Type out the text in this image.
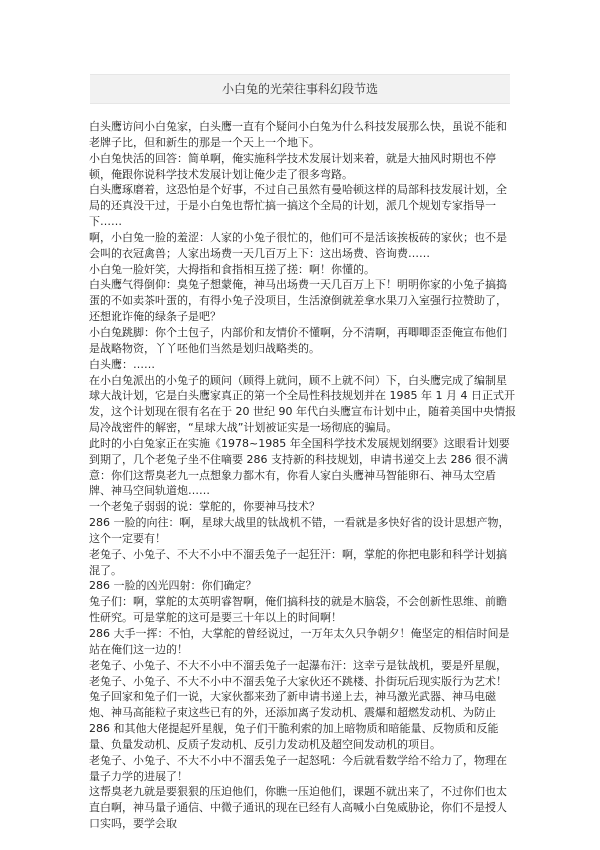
小白兔的光荣往事科幻段节选

白头鹰访问小白兔家，白头鹰一直有个疑问小白兔为什么科技发展那么快，虽说不能和老牌子比，但和新生的那是一个天上一个地下。

小白兔快活的回答：简单啊，俺实施科学技术发展计划来着，就是大抽风时期也不停顿，俺跟你说科学技术发展计划让俺少走了很多弯路。

白头鹰琢磨着，这恐怕是个好事，不过自己虽然有曼哈顿这样的局部科技发展计划，全局的还真没干过，于是小白兔也帮忙搞一搞这个全局的计划，派几个规划专家指导一下……

啊，小白兔一脸的羞涩：人家的小兔子很忙的，他们可不是活该挨板砖的家伙；也不是会叫的衣冠禽兽；人家出场费一天几百万上下：这出场费、咨询费……

小白兔一脸奸笑，大拇指和食指相互搓了搓：啊！你懂的。

白头鹰气得倒仰：臭兔子想蒙俺，神马出场费一天几百万上下！明明你家的小兔子搞捣蛋的不如卖茶叶蛋的，有得小兔子没项目，生活潦倒就差拿水果刀入室强行拉赞助了，还想讹诈俺的绿条子是吧？

小白兔跳脚：你个土包子，内部价和友情价不懂啊，分不清啊，再唧唧歪歪俺宣布他们是战略物资，丫丫呸他们当然是划归战略类的。

白头鹰：……

在小白兔派出的小兔子的顾问（顾得上就问，顾不上就不问）下，白头鹰完成了编制星球大战计划，它是白头鹰家真正的第一个全局性科技规划并在 1985 年 1 月 4 日正式开发，这个计划现在很有名在于 20 世纪 90 年代白头鹰宣布计划中止，随着美国中央情报局冷战密件的解密，“星球大战”计划被证实是一场彻底的骗局。

此时的小白兔家正在实施《1978~1985 年全国科学技术发展规划纲要》这眼看计划要到期了，几个老兔子坐不住嘀要 286 支持新的科技规划，申请书递交上去 286 很不满意：你们这帮臭老九一点想象力都木有，你看人家白头鹰神马智能卵石、神马太空盾牌、神马空间轨道炮……

一个老兔子弱弱的说：掌舵的，你要神马技术？

286 一脸的向往：啊，星球大战里的钛战机不错，一看就是多快好省的设计思想产物，这个一定要有！

老兔子、小兔子、不大不小中不溜丢兔子一起狂汗：啊，掌舵的你把电影和科学计划搞混了。

286 一脸的凶光四射：你们确定？

兔子们：啊，掌舵的太英明睿智啊，俺们搞科技的就是木脑袋，不会创新性思维、前瞻性研究。可是掌舵的这可是要三十年以上的时间啊！

286 大手一挥：不怕，大掌舵的曾经说过，一万年太久只争朝夕！俺坚定的相信时间是站在俺们这一边的！

老兔子、小兔子、不大不小中不溜丢兔子一起瀑布汗：这幸亏是钛战机，要是歼星舰，老兔子、小兔子、不大不小中不溜丢兔子大家伙还不跳楼、扑街玩后现实版行为艺术！

兔子回家和兔子们一说，大家伙都来劲了新申请书递上去，神马激光武器、神马电磁炮、神马高能粒子束这些已有的外，还添加离子发动机、震爆和超燃发动机、为防止 286 和其他大佬提起歼星舰，兔子们干脆利索的加上暗物质和暗能量、反物质和反能量、负量发动机、反质子发动机、反引力发动机及超空间发动机的项目。

老兔子、小兔子、不大不小中不溜丢兔子一起怒吼：今后就看数学给不给力了，物理在量子力学的进展了！

这帮臭老九就是要狠狠的压迫他们，你瞧一压迫他们，课题不就出来了，不过你们也太直白啊，神马量子通信、中微子通讯的现在已经有人高喊小白兔威胁论，你们不是授人口实吗，要学会取
